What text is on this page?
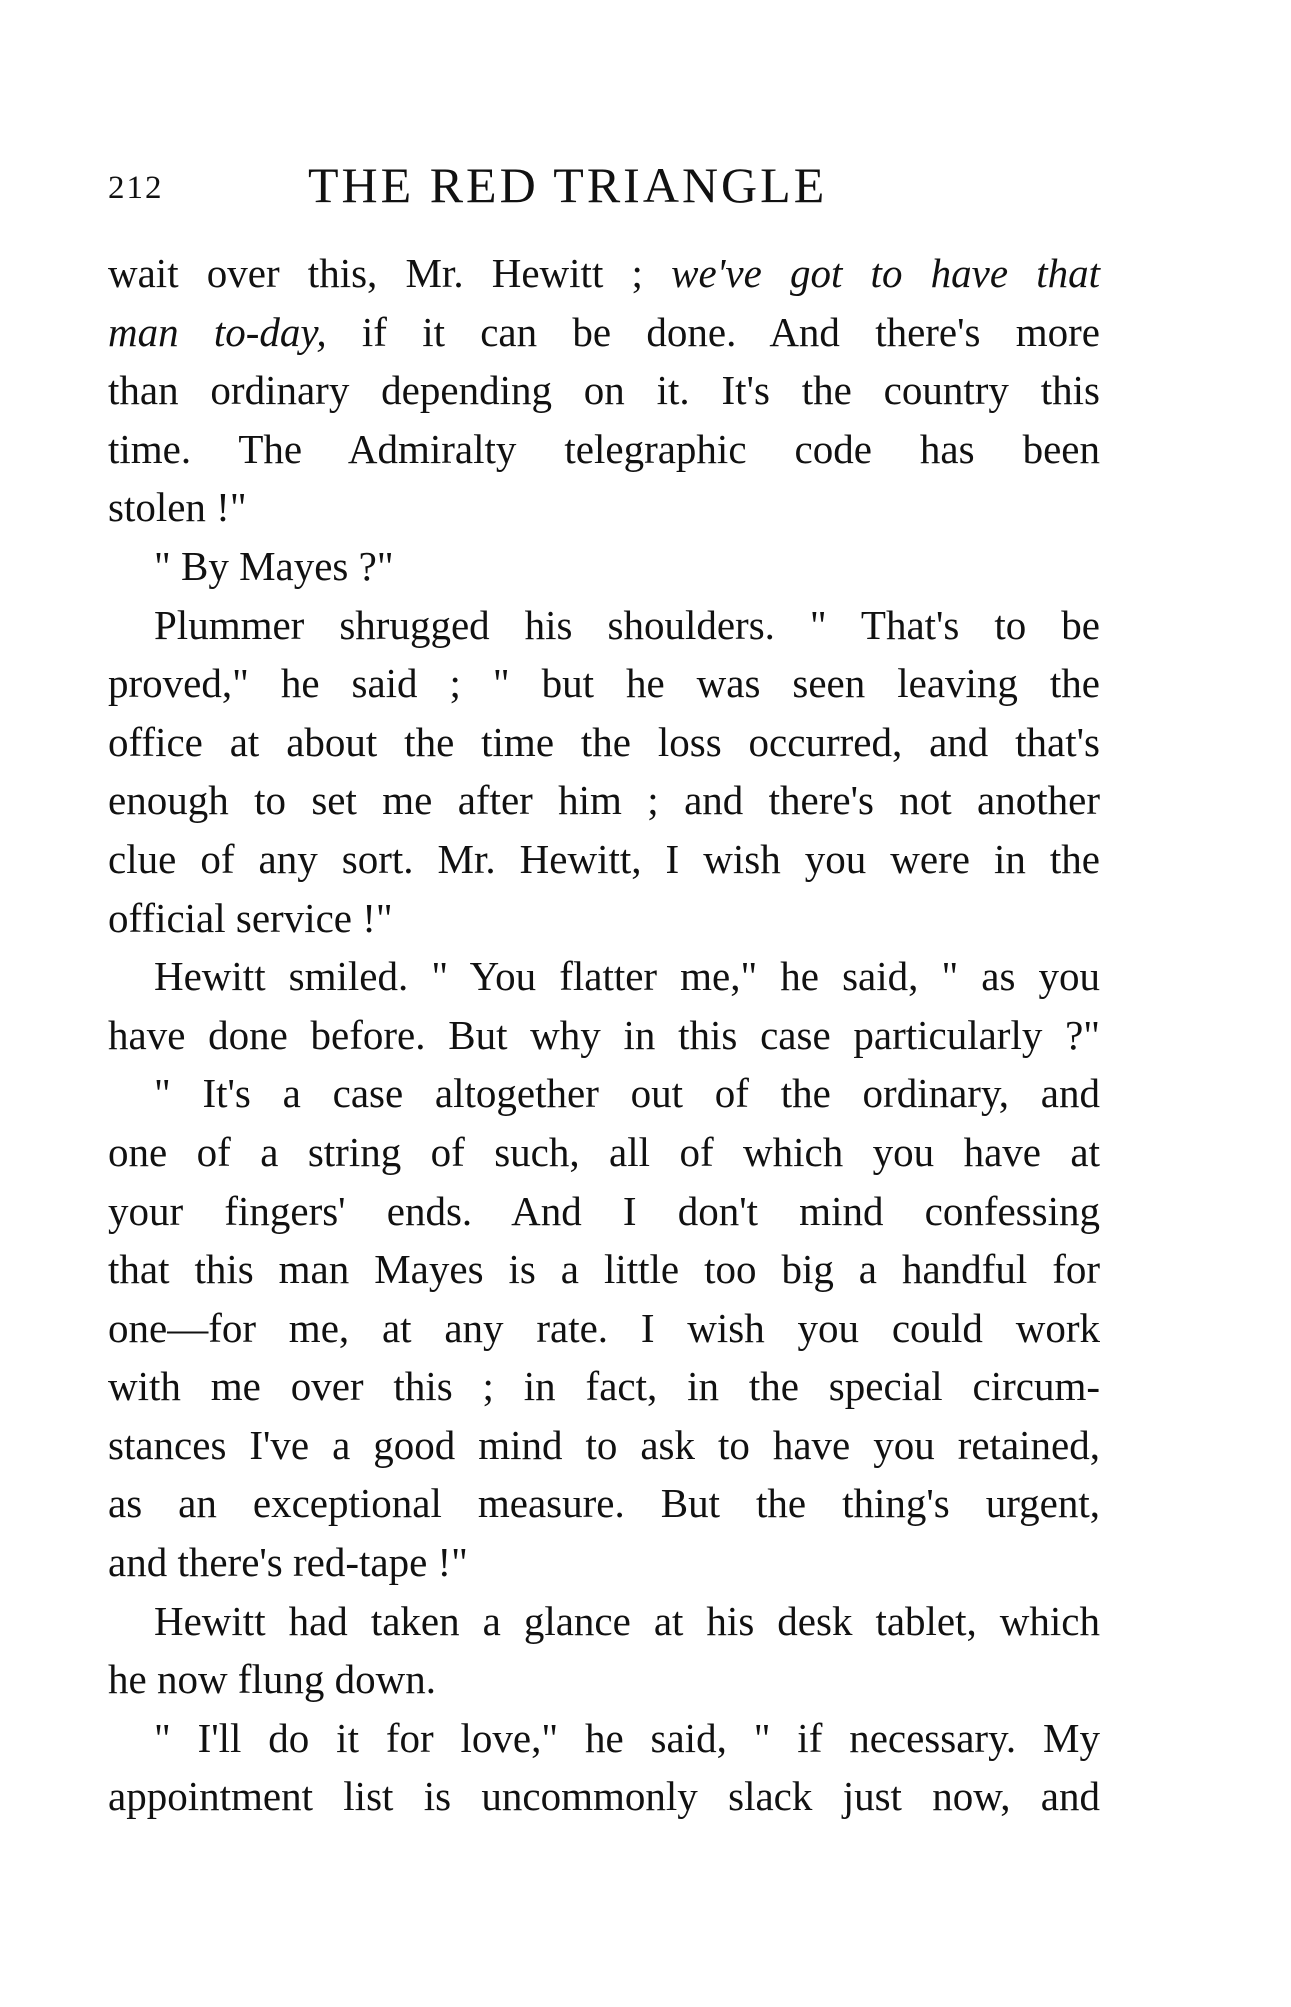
212	THE RED TRIANGLE
wait over this, Mr. Hewitt ; we've got to have that
man to-day, if it can be done. And there's more
than ordinary depending on it. It's the country this
time. The Admiralty telegraphic code has been
stolen !"
" By Mayes ?"
Plummer shrugged his shoulders. " That's to be
proved," he said ; " but he was seen leaving the
office at about the time the loss occurred, and that's
enough to set me after him ; and there's not another
clue of any sort. Mr. Hewitt, I wish you were in the
official service !"
Hewitt smiled. " You flatter me," he said, " as you
have done before. But why in this case particularly ?"
" It's a case altogether out of the ordinary, and
one of a string of such, all of which you have at
your fingers' ends. And I don't mind confessing
that this man Mayes is a little too big a handful for
one—for me, at any rate. I wish you could work
with me over this ; in fact, in the special circum-
stances I've a good mind to ask to have you retained,
as an exceptional measure. But the thing's urgent,
and there's red-tape !"
Hewitt had taken a glance at his desk tablet, which
he now flung down.
" I'll do it for love," he said, " if necessary. My
appointment list is uncommonly slack just now, and
